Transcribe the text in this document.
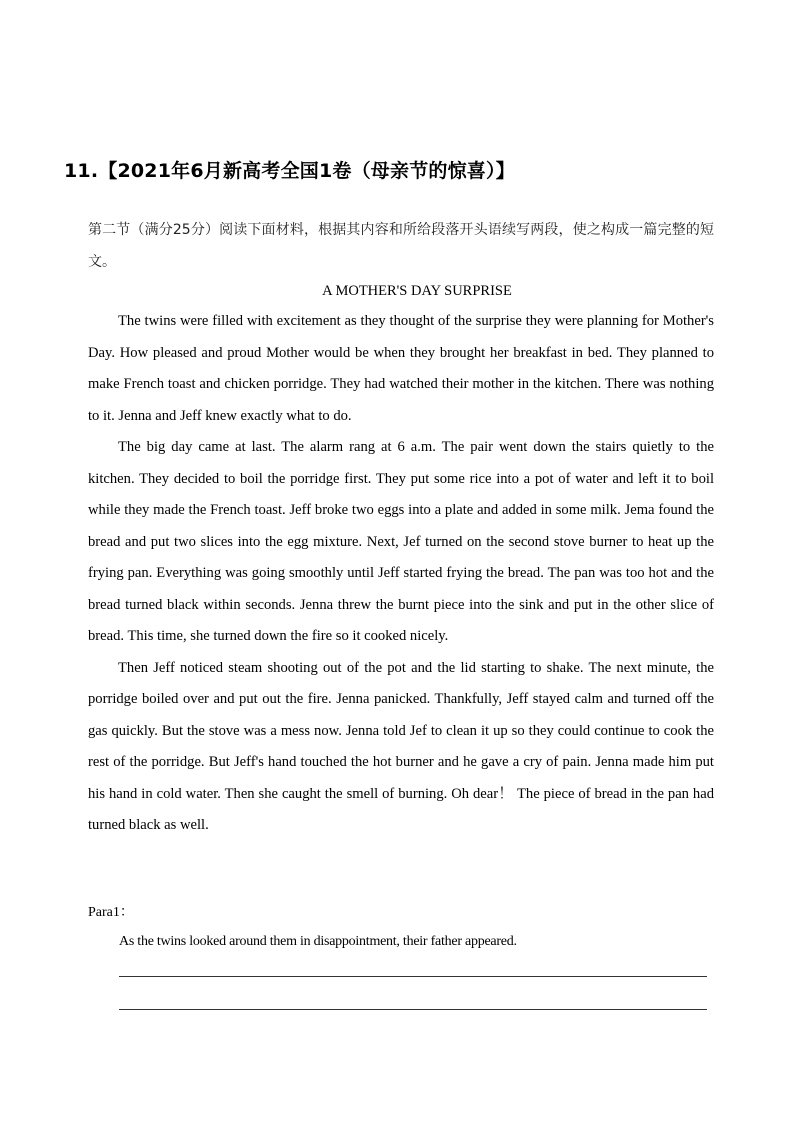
11.【2021年6月新高考全国1卷（母亲节的惊喜）】

第二节（满分25分）阅读下面材料，根据其内容和所给段落开头语续写两段，使之构成一篇完整的短文。

A MOTHER'S DAY SURPRISE

The twins were filled with excitement as they thought of the surprise they were planning for Mother's Day. How pleased and proud Mother would be when they brought her breakfast in bed. They planned to make French toast and chicken porridge. They had watched their mother in the kitchen. There was nothing to it. Jenna and Jeff knew exactly what to do.

The big day came at last. The alarm rang at 6 a.m. The pair went down the stairs quietly to the kitchen. They decided to boil the porridge first. They put some rice into a pot of water and left it to boil while they made the French toast. Jeff broke two eggs into a plate and added in some milk. Jema found the bread and put two slices into the egg mixture. Next, Jef turned on the second stove burner to heat up the frying pan. Everything was going smoothly until Jeff started frying the bread. The pan was too hot and the bread turned black within seconds. Jenna threw the burnt piece into the sink and put in the other slice of bread. This time, she turned down the fire so it cooked nicely.

Then Jeff noticed steam shooting out of the pot and the lid starting to shake. The next minute, the porridge boiled over and put out the fire. Jenna panicked. Thankfully, Jeff stayed calm and turned off the gas quickly. But the stove was a mess now. Jenna told Jef to clean it up so they could continue to cook the rest of the porridge. But Jeff's hand touched the hot burner and he gave a cry of pain. Jenna made him put his hand in cold water. Then she caught the smell of burning. Oh dear！ The piece of bread in the pan had turned black as well.

Para1：

As the twins looked around them in disappointment, their father appeared.
